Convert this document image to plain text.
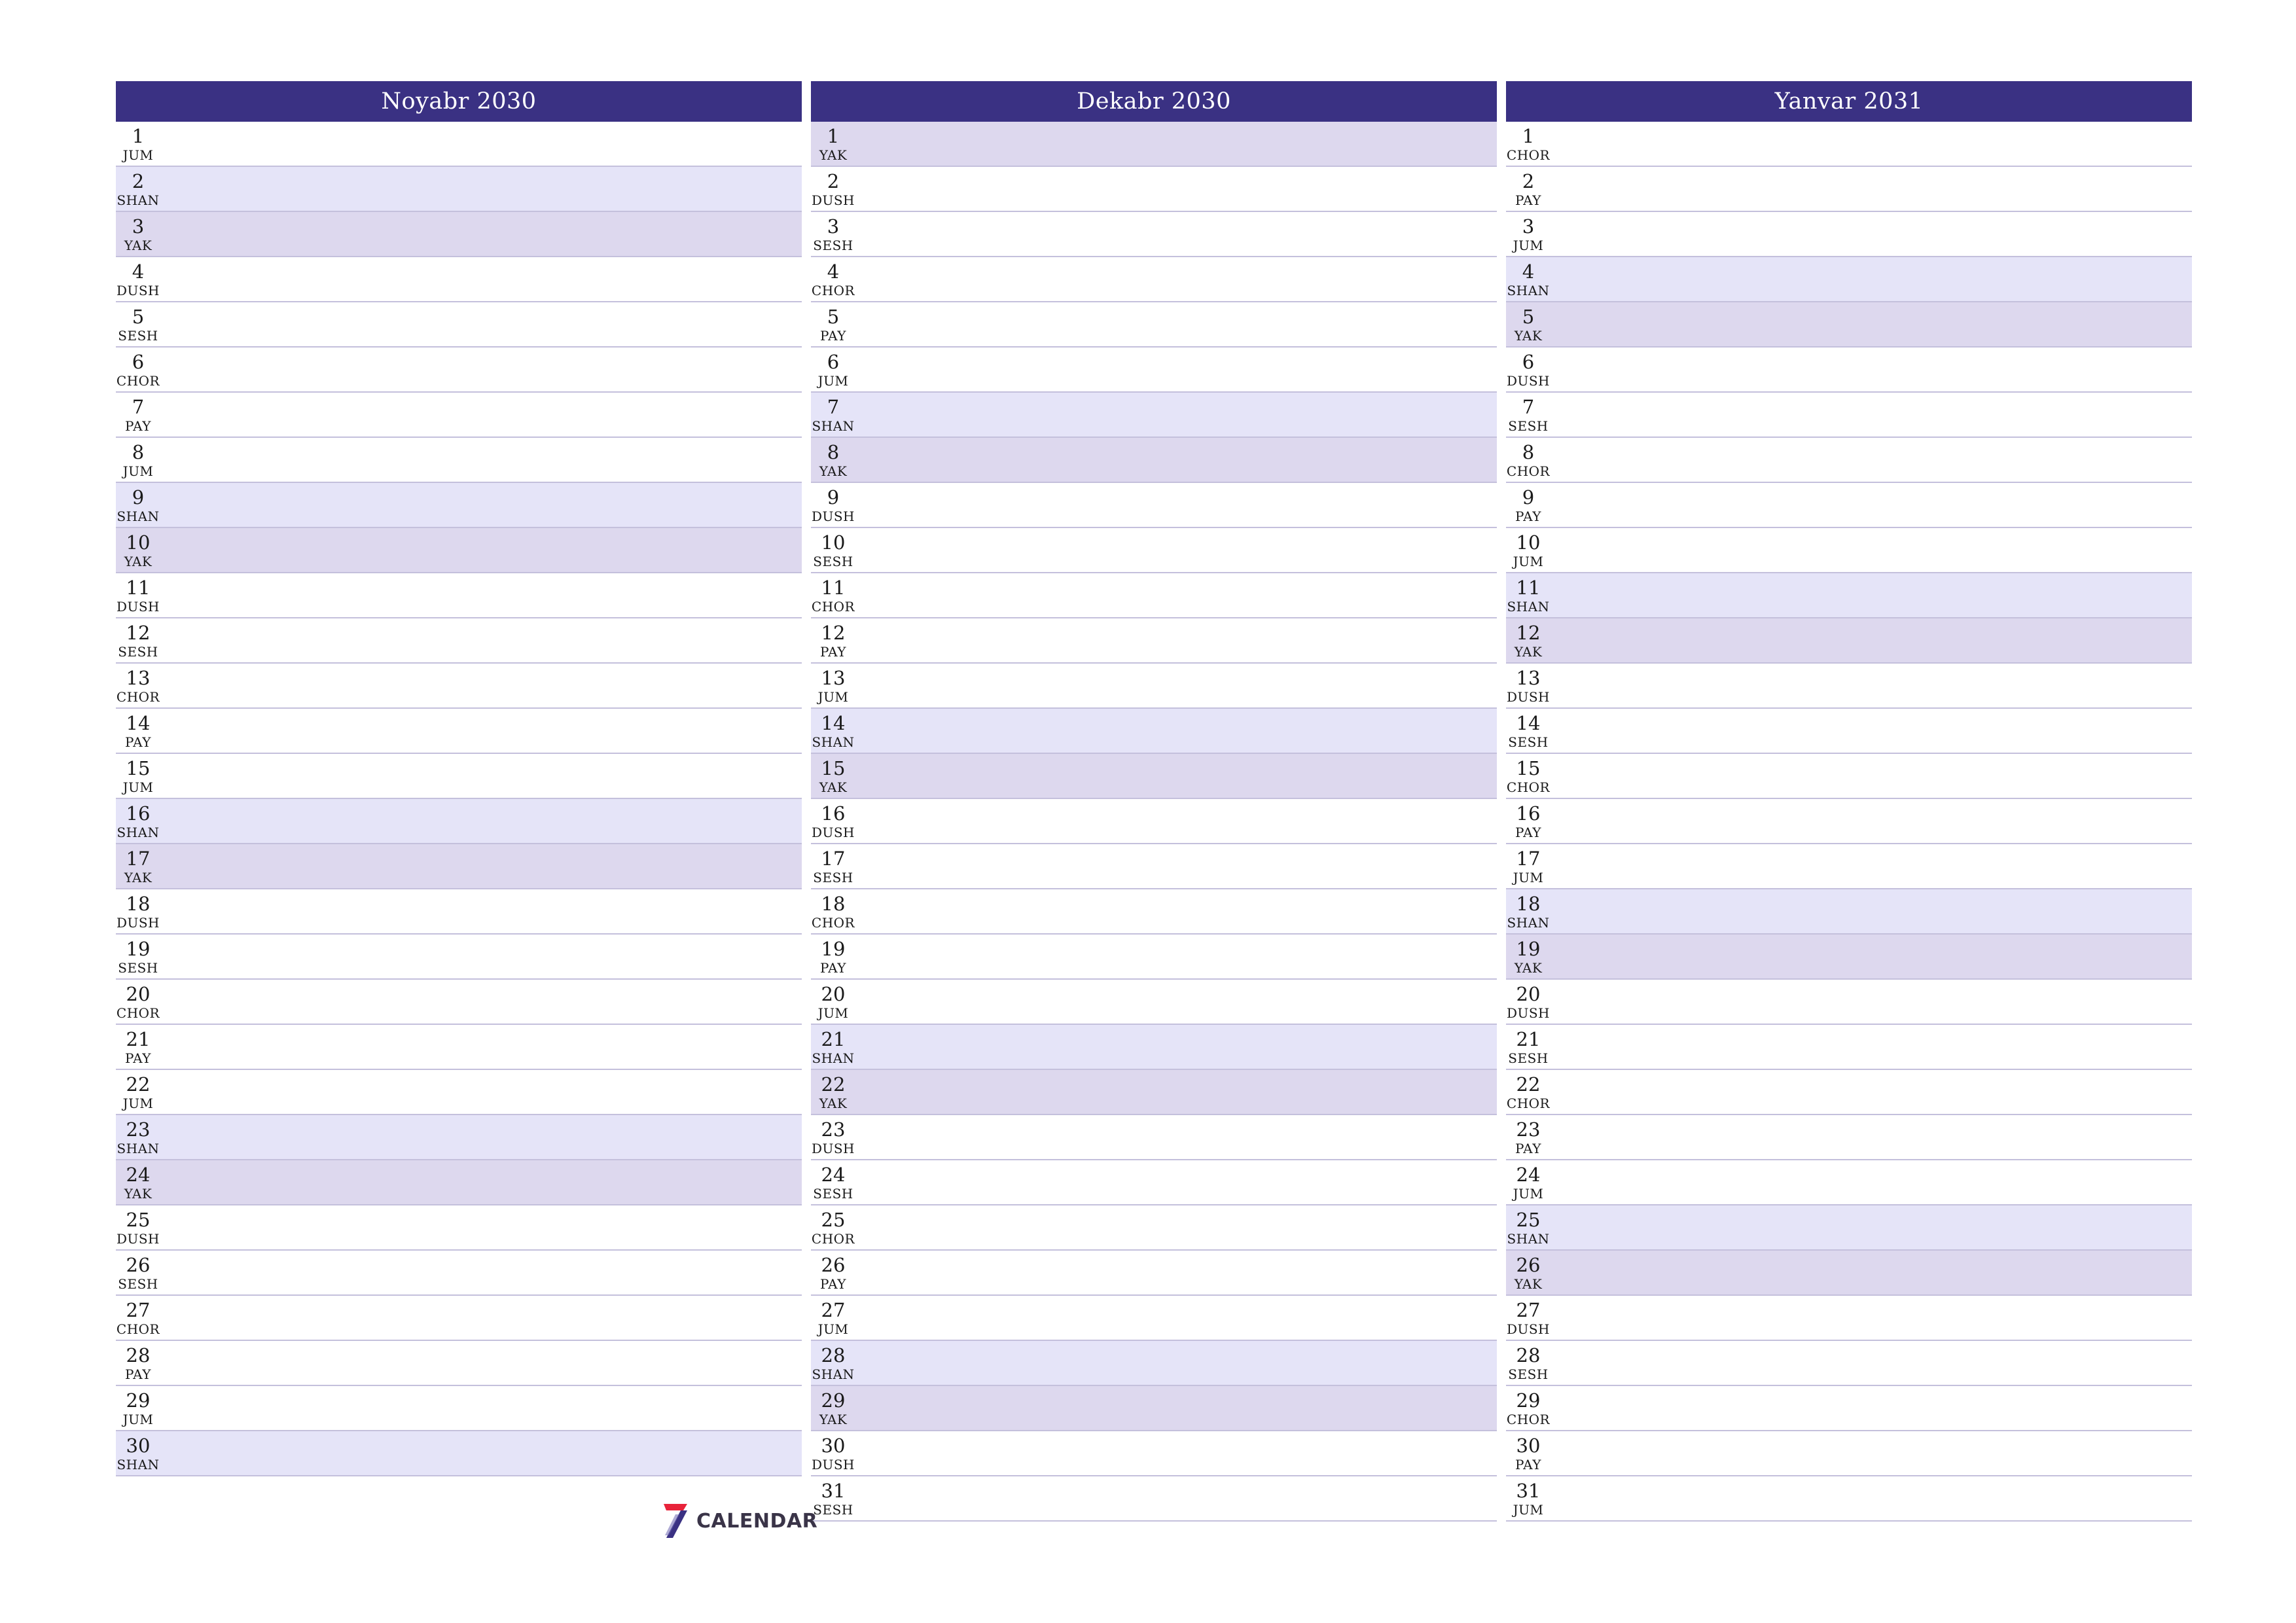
Noyabr 2030
1
JUM
2
SHAN
3
YAK
4
DUSH
5
SESH
6
CHOR
7
PAY
8
JUM
9
SHAN
10
YAK
11
DUSH
12
SESH
13
CHOR
14
PAY
15
JUM
16
SHAN
17
YAK
18
DUSH
19
SESH
20
CHOR
21
PAY
22
JUM
23
SHAN
24
YAK
25
DUSH
26
SESH
27
CHOR
28
PAY
29
JUM
30
SHAN
Dekabr 2030
1
YAK
2
DUSH
3
SESH
4
CHOR
5
PAY
6
JUM
7
SHAN
8
YAK
9
DUSH
10
SESH
11
CHOR
12
PAY
13
JUM
14
SHAN
15
YAK
16
DUSH
17
SESH
18
CHOR
19
PAY
20
JUM
21
SHAN
22
YAK
23
DUSH
24
SESH
25
CHOR
26
PAY
27
JUM
28
SHAN
29
YAK
30
DUSH
31
SESH
Yanvar 2031
1
CHOR
2
PAY
3
JUM
4
SHAN
5
YAK
6
DUSH
7
SESH
8
CHOR
9
PAY
10
JUM
11
SHAN
12
YAK
13
DUSH
14
SESH
15
CHOR
16
PAY
17
JUM
18
SHAN
19
YAK
20
DUSH
21
SESH
22
CHOR
23
PAY
24
JUM
25
SHAN
26
YAK
27
DUSH
28
SESH
29
CHOR
30
PAY
31
JUM
CALENDAR
